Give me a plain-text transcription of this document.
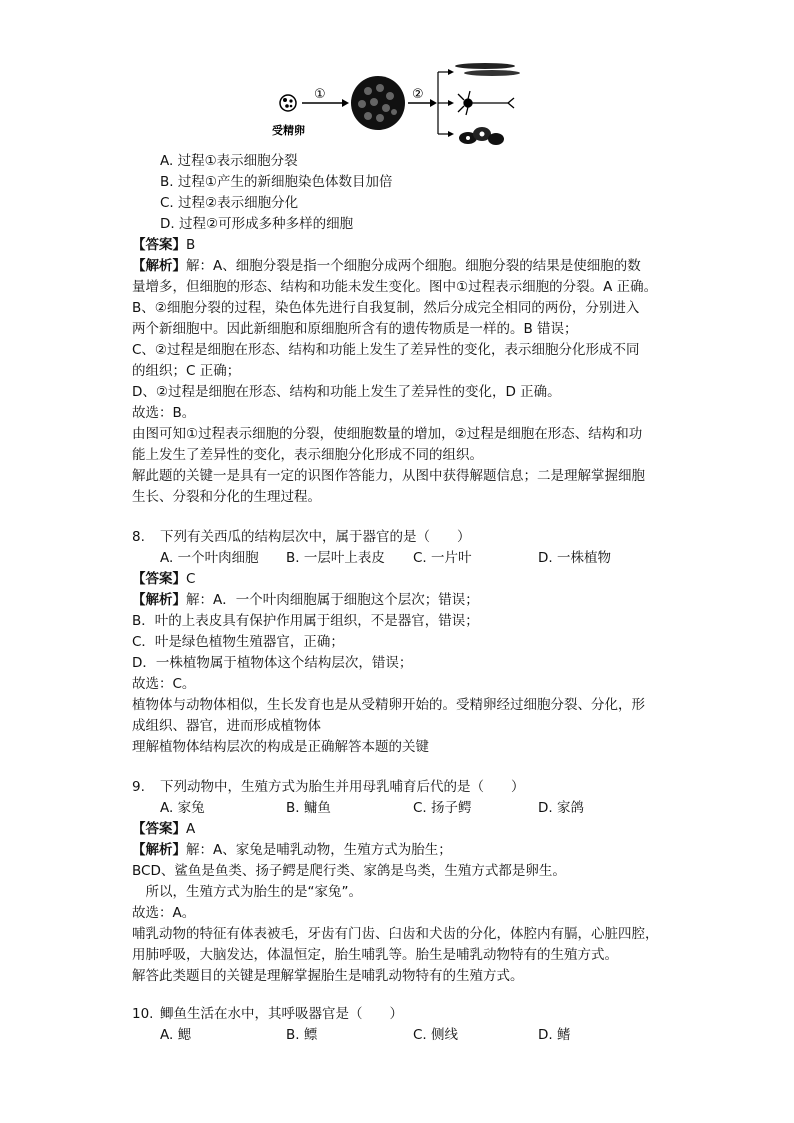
受精卵
①	②
A. 过程①表示细胞分裂
B. 过程①产生的新细胞染色体数目加倍
C. 过程②表示细胞分化
D. 过程②可形成多种多样的细胞
【答案】B
【解析】解：A、细胞分裂是指一个细胞分成两个细胞。细胞分裂的结果是使细胞的数
量增多，但细胞的形态、结构和功能未发生变化。图中①过程表示细胞的分裂。A 正确。
B、②细胞分裂的过程，染色体先进行自我复制，然后分成完全相同的两份，分别进入
两个新细胞中。因此新细胞和原细胞所含有的遗传物质是一样的。B 错误；
C、②过程是细胞在形态、结构和功能上发生了差异性的变化，表示细胞分化形成不同
的组织；C 正确；
D、②过程是细胞在形态、结构和功能上发生了差异性的变化，D 正确。
故选：B。
由图可知①过程表示细胞的分裂，使细胞数量的增加，②过程是细胞在形态、结构和功
能上发生了差异性的变化，表示细胞分化形成不同的组织。
解此题的关键一是具有一定的识图作答能力，从图中获得解题信息；二是理解掌握细胞
生长、分裂和分化的生理过程。
8. 下列有关西瓜的结构层次中，属于器官的是（　　）
A. 一个叶肉细胞 B. 一层叶上表皮 C. 一片叶	D. 一株植物
【答案】C
【解析】解：A．一个叶肉细胞属于细胞这个层次；错误；
B．叶的上表皮具有保护作用属于组织，不是器官，错误；
C．叶是绿色植物生殖器官，正确；
D．一株植物属于植物体这个结构层次，错误；
故选：C。
植物体与动物体相似，生长发育也是从受精卵开始的。受精卵经过细胞分裂、分化，形
成组织、器官，进而形成植物体
理解植物体结构层次的构成是正确解答本题的关键
9. 下列动物中，生殖方式为胎生并用母乳哺育后代的是（　　）
A. 家兔	B. 鳙鱼	C. 扬子鳄	D. 家鸽
【答案】A
【解析】解：A、家兔是哺乳动物，生殖方式为胎生；
BCD、鲨鱼是鱼类、扬子鳄是爬行类、家鸽是鸟类，生殖方式都是卵生。
　所以，生殖方式为胎生的是“家兔”。
故选：A。
哺乳动物的特征有体表被毛，牙齿有门齿、臼齿和犬齿的分化，体腔内有膈，心脏四腔，
用肺呼吸，大脑发达，体温恒定，胎生哺乳等。胎生是哺乳动物特有的生殖方式。
解答此类题目的关键是理解掌握胎生是哺乳动物特有的生殖方式。
10. 鲫鱼生活在水中，其呼吸器官是（　　）
A. 鳃	B. 鳔	C. 侧线	D. 鳍
